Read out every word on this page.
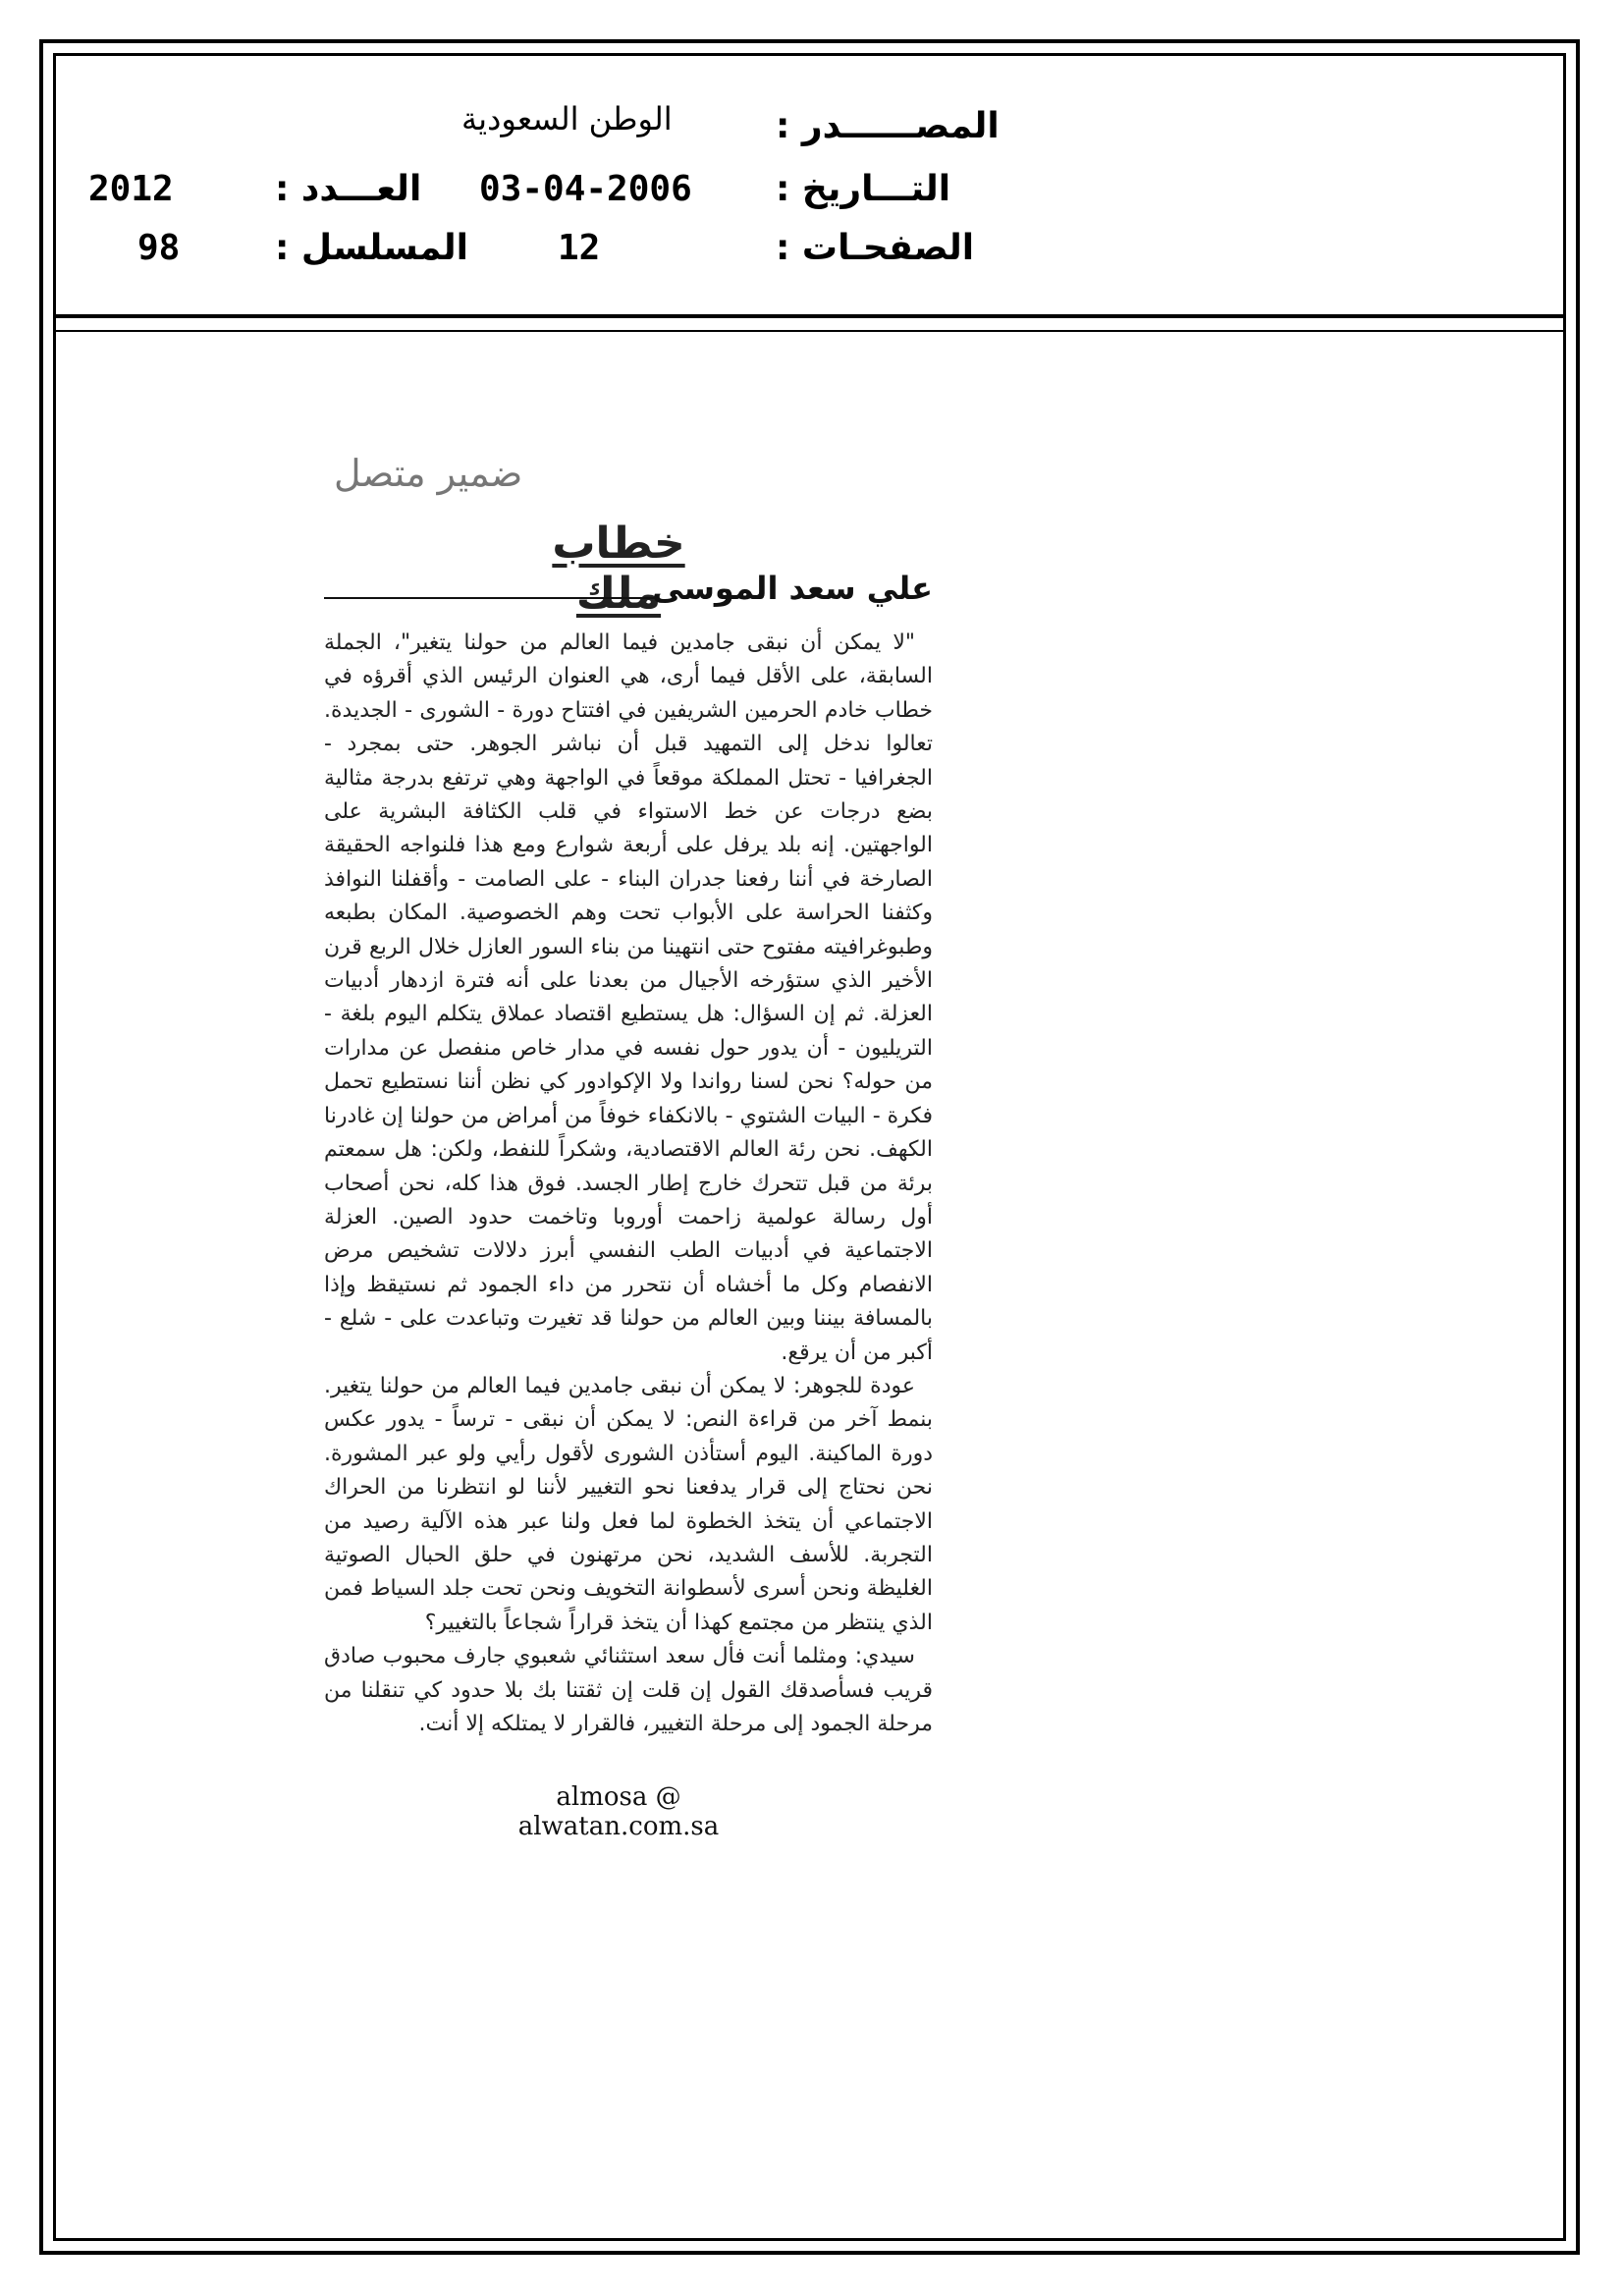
المصــــــدر :
الوطن السعودية
التـــاريخ :
03-04-2006
العـــدد :
2012
الصفحـات :
12
المسلسل :
98
ضمير متصل
خطاب ملك
علي سعد الموسى

"لا يمكن أن نبقى جامدين فيما العالم من حولنا يتغير"، الجملة السابقة، على الأقل فيما أرى، هي العنوان الرئيس الذي أقرؤه في خطاب خادم الحرمين الشريفين في افتتاح دورة - الشورى - الجديدة. تعالوا ندخل إلى التمهيد قبل أن نباشر الجوهر. حتى بمجرد - الجغرافيا - تحتل المملكة موقعاً في الواجهة وهي ترتفع بدرجة مثالية بضع درجات عن خط الاستواء في قلب الكثافة البشرية على الواجهتين. إنه بلد يرفل على أربعة شوارع ومع هذا فلنواجه الحقيقة الصارخة في أننا رفعنا جدران البناء - على الصامت - وأقفلنا النوافذ وكثفنا الحراسة على الأبواب تحت وهم الخصوصية. المكان بطبعه وطبوغرافيته مفتوح حتى انتهينا من بناء السور العازل خلال الربع قرن الأخير الذي ستؤرخه الأجيال من بعدنا على أنه فترة ازدهار أدبيات العزلة. ثم إن السؤال: هل يستطيع اقتصاد عملاق يتكلم اليوم بلغة - التريليون - أن يدور حول نفسه في مدار خاص منفصل عن مدارات من حوله؟ نحن لسنا رواندا ولا الإكوادور كي نظن أننا نستطيع تحمل فكرة - البيات الشتوي - بالانكفاء خوفاً من أمراض من حولنا إن غادرنا الكهف. نحن رئة العالم الاقتصادية، وشكراً للنفط، ولكن: هل سمعتم برئة من قبل تتحرك خارج إطار الجسد. فوق هذا كله، نحن أصحاب أول رسالة عولمية زاحمت أوروبا وتاخمت حدود الصين. العزلة الاجتماعية في أدبيات الطب النفسي أبرز دلالات تشخيص مرض الانفصام وكل ما أخشاه أن نتحرر من داء الجمود ثم نستيقظ وإذا بالمسافة بيننا وبين العالم من حولنا قد تغيرت وتباعدت على - شلع - أكبر من أن يرقع.

عودة للجوهر: لا يمكن أن نبقى جامدين فيما العالم من حولنا يتغير. بنمط آخر من قراءة النص: لا يمكن أن نبقى - ترساً - يدور عكس دورة الماكينة. اليوم أستأذن الشورى لأقول رأيي ولو عبر المشورة. نحن نحتاج إلى قرار يدفعنا نحو التغيير لأننا لو انتظرنا من الحراك الاجتماعي أن يتخذ الخطوة لما فعل ولنا عبر هذه الآلية رصيد من التجربة. للأسف الشديد، نحن مرتهنون في حلق الحبال الصوتية الغليظة ونحن أسرى لأسطوانة التخويف ونحن تحت جلد السياط فمن الذي ينتظر من مجتمع كهذا أن يتخذ قراراً شجاعاً بالتغيير؟

سيدي: ومثلما أنت فأل سعد استثنائي شعبوي جارف محبوب صادق قريب فسأصدقك القول إن قلت إن ثقتنا بك بلا حدود كي تنقلنا من مرحلة الجمود إلى مرحلة التغيير، فالقرار لا يمتلكه إلا أنت.

almosa @ alwatan.com.sa
